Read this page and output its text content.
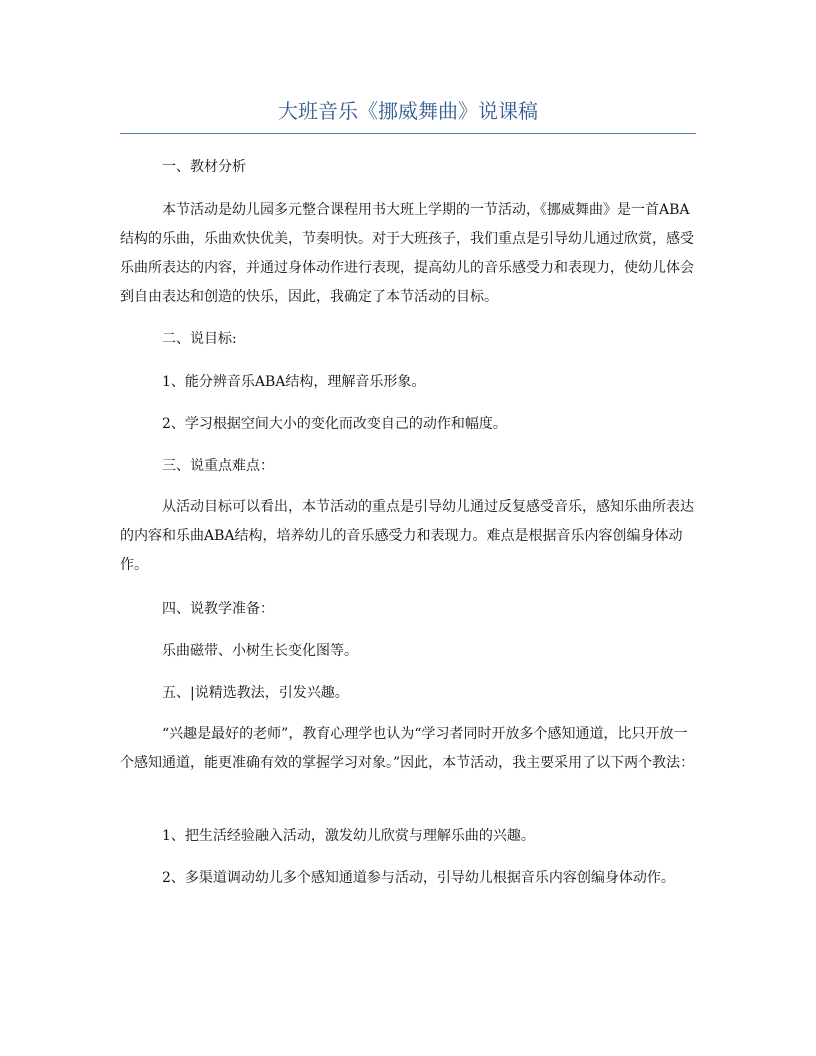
大班音乐《挪威舞曲》说课稿

一、教材分析

本节活动是幼儿园多元整合课程用书大班上学期的一节活动，《挪威舞曲》是一首ABA结构的乐曲，乐曲欢快优美，节奏明快。对于大班孩子，我们重点是引导幼儿通过欣赏，感受乐曲所表达的内容，并通过身体动作进行表现，提高幼儿的音乐感受力和表现力，使幼儿体会到自由表达和创造的快乐，因此，我确定了本节活动的目标。

二、说目标:

1、能分辨音乐ABA结构，理解音乐形象。

2、学习根据空间大小的变化而改变自己的动作和幅度。

三、说重点难点：

从活动目标可以看出，本节活动的重点是引导幼儿通过反复感受音乐，感知乐曲所表达的内容和乐曲ABA结构，培养幼儿的音乐感受力和表现力。难点是根据音乐内容创编身体动作。

四、说教学准备：

乐曲磁带、小树生长变化图等。

五、|说精选教法，引发兴趣。

“兴趣是最好的老师”，教育心理学也认为“学习者同时开放多个感知通道，比只开放一个感知通道，能更准确有效的掌握学习对象。”因此，本节活动，我主要采用了以下两个教法：

1、把生活经验融入活动，激发幼儿欣赏与理解乐曲的兴趣。

2、多渠道调动幼儿多个感知通道参与活动，引导幼儿根据音乐内容创编身体动作。
